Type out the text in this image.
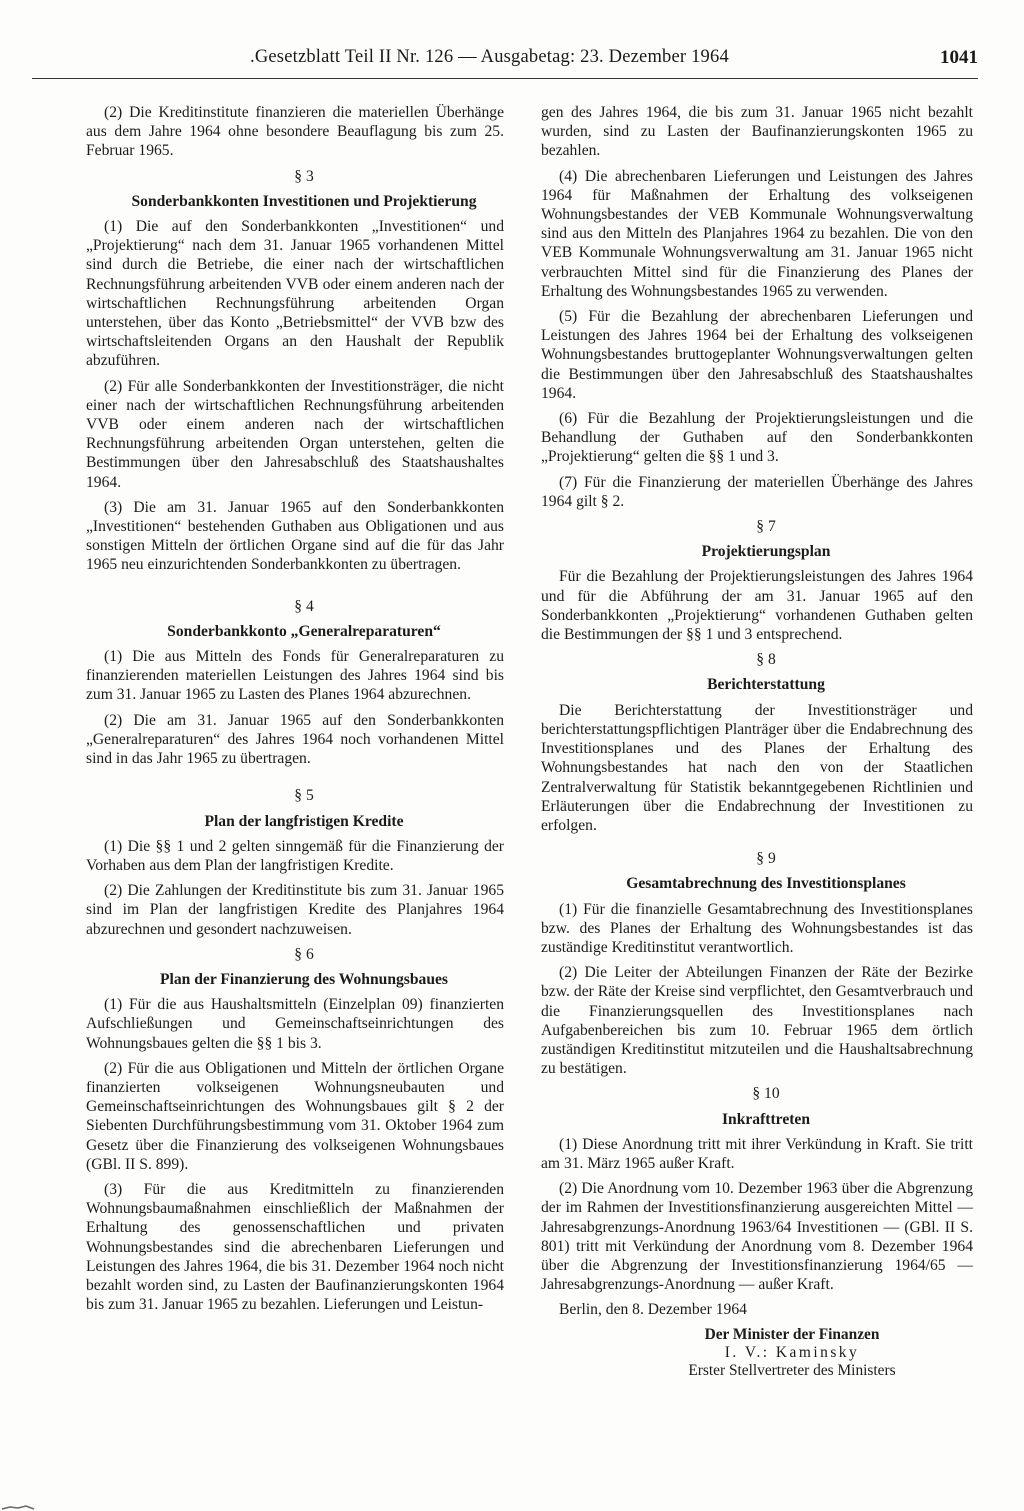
.Gesetzblatt Teil II Nr. 126 — Ausgabetag: 23. Dezember 1964	1041

(2) Die Kreditinstitute finanzieren die materiellen Überhänge aus dem Jahre 1964 ohne besondere Beauflagung bis zum 25. Februar 1965.

§ 3

Sonderbankkonten Investitionen und Projektierung

(1) Die auf den Sonderbankkonten „Investitionen“ und „Projektierung“ nach dem 31. Januar 1965 vorhandenen Mittel sind durch die Betriebe, die einer nach der wirtschaftlichen Rechnungsführung arbeitenden VVB oder einem anderen nach der wirtschaftlichen Rechnungsführung arbeitenden Organ unterstehen, über das Konto „Betriebsmittel“ der VVB bzw des wirtschaftsleitenden Organs an den Haushalt der Republik abzuführen.

(2) Für alle Sonderbankkonten der Investitionsträger, die nicht einer nach der wirtschaftlichen Rechnungsführung arbeitenden VVB oder einem anderen nach der wirtschaftlichen Rechnungsführung arbeitenden Organ unterstehen, gelten die Bestimmungen über den Jahresabschluß des Staatshaushaltes 1964.

(3) Die am 31. Januar 1965 auf den Sonderbankkonten „Investitionen“ bestehenden Guthaben aus Obligationen und aus sonstigen Mitteln der örtlichen Organe sind auf die für das Jahr 1965 neu einzurichtenden Sonderbankkonten zu übertragen.

§ 4

Sonderbankkonto „Generalreparaturen“

(1) Die aus Mitteln des Fonds für Generalreparaturen zu finanzierenden materiellen Leistungen des Jahres 1964 sind bis zum 31. Januar 1965 zu Lasten des Planes 1964 abzurechnen.

(2) Die am 31. Januar 1965 auf den Sonderbankkonten „Generalreparaturen“ des Jahres 1964 noch vorhandenen Mittel sind in das Jahr 1965 zu übertragen.

§ 5

Plan der langfristigen Kredite

(1) Die §§ 1 und 2 gelten sinngemäß für die Finanzierung der Vorhaben aus dem Plan der langfristigen Kredite.

(2) Die Zahlungen der Kreditinstitute bis zum 31. Januar 1965 sind im Plan der langfristigen Kredite des Planjahres 1964 abzurechnen und gesondert nachzuweisen.

§ 6

Plan der Finanzierung des Wohnungsbaues

(1) Für die aus Haushaltsmitteln (Einzelplan 09) finanzierten Aufschließungen und Gemeinschaftseinrichtungen des Wohnungsbaues gelten die §§ 1 bis 3.

(2) Für die aus Obligationen und Mitteln der örtlichen Organe finanzierten volkseigenen Wohnungsneubauten und Gemeinschaftseinrichtungen des Wohnungsbaues gilt § 2 der Siebenten Durchführungsbestimmung vom 31. Oktober 1964 zum Gesetz über die Finanzierung des volkseigenen Wohnungsbaues (GBl. II S. 899).

(3) Für die aus Kreditmitteln zu finanzierenden Wohnungsbaumaßnahmen einschließlich der Maßnahmen der Erhaltung des genossenschaftlichen und privaten Wohnungsbestandes sind die abrechenbaren Lieferungen und Leistungen des Jahres 1964, die bis 31. Dezember 1964 noch nicht bezahlt worden sind, zu Lasten der Baufinanzierungskonten 1964 bis zum 31. Januar 1965 zu bezahlen. Lieferungen und Leistun-

gen des Jahres 1964, die bis zum 31. Januar 1965 nicht bezahlt wurden, sind zu Lasten der Baufinanzierungskonten 1965 zu bezahlen.

(4) Die abrechenbaren Lieferungen und Leistungen des Jahres 1964 für Maßnahmen der Erhaltung des volkseigenen Wohnungsbestandes der VEB Kommunale Wohnungsverwaltung sind aus den Mitteln des Planjahres 1964 zu bezahlen. Die von den VEB Kommunale Wohnungsverwaltung am 31. Januar 1965 nicht verbrauchten Mittel sind für die Finanzierung des Planes der Erhaltung des Wohnungsbestandes 1965 zu verwenden.

(5) Für die Bezahlung der abrechenbaren Lieferungen und Leistungen des Jahres 1964 bei der Erhaltung des volkseigenen Wohnungsbestandes bruttogeplanter Wohnungsverwaltungen gelten die Bestimmungen über den Jahresabschluß des Staatshaushaltes 1964.

(6) Für die Bezahlung der Projektierungsleistungen und die Behandlung der Guthaben auf den Sonderbankkonten „Projektierung“ gelten die §§ 1 und 3.

(7) Für die Finanzierung der materiellen Überhänge des Jahres 1964 gilt § 2.

§ 7

Projektierungsplan

Für die Bezahlung der Projektierungsleistungen des Jahres 1964 und für die Abführung der am 31. Januar 1965 auf den Sonderbankkonten „Projektierung“ vorhandenen Guthaben gelten die Bestimmungen der §§ 1 und 3 entsprechend.

§ 8

Berichterstattung

Die Berichterstattung der Investitionsträger und berichterstattungspflichtigen Planträger über die Endabrechnung des Investitionsplanes und des Planes der Erhaltung des Wohnungsbestandes hat nach den von der Staatlichen Zentralverwaltung für Statistik bekanntgegebenen Richtlinien und Erläuterungen über die Endabrechnung der Investitionen zu erfolgen.

§ 9

Gesamtabrechnung des Investitionsplanes

(1) Für die finanzielle Gesamtabrechnung des Investitionsplanes bzw. des Planes der Erhaltung des Wohnungsbestandes ist das zuständige Kreditinstitut verantwortlich.

(2) Die Leiter der Abteilungen Finanzen der Räte der Bezirke bzw. der Räte der Kreise sind verpflichtet, den Gesamtverbrauch und die Finanzierungsquellen des Investitionsplanes nach Aufgabenbereichen bis zum 10. Februar 1965 dem örtlich zuständigen Kreditinstitut mitzuteilen und die Haushaltsabrechnung zu bestätigen.

§ 10

Inkrafttreten

(1) Diese Anordnung tritt mit ihrer Verkündung in Kraft. Sie tritt am 31. März 1965 außer Kraft.

(2) Die Anordnung vom 10. Dezember 1963 über die Abgrenzung der im Rahmen der Investitionsfinanzierung ausgereichten Mittel — Jahresabgrenzungs-Anordnung 1963/64 Investitionen — (GBl. II S. 801) tritt mit Verkündung der Anordnung vom 8. Dezember 1964 über die Abgrenzung der Investitionsfinanzierung 1964/65 — Jahresabgrenzungs-Anordnung — außer Kraft.

Berlin, den 8. Dezember 1964

Der Minister der Finanzen
I. V.: Kaminsky
Erster Stellvertreter des Ministers
